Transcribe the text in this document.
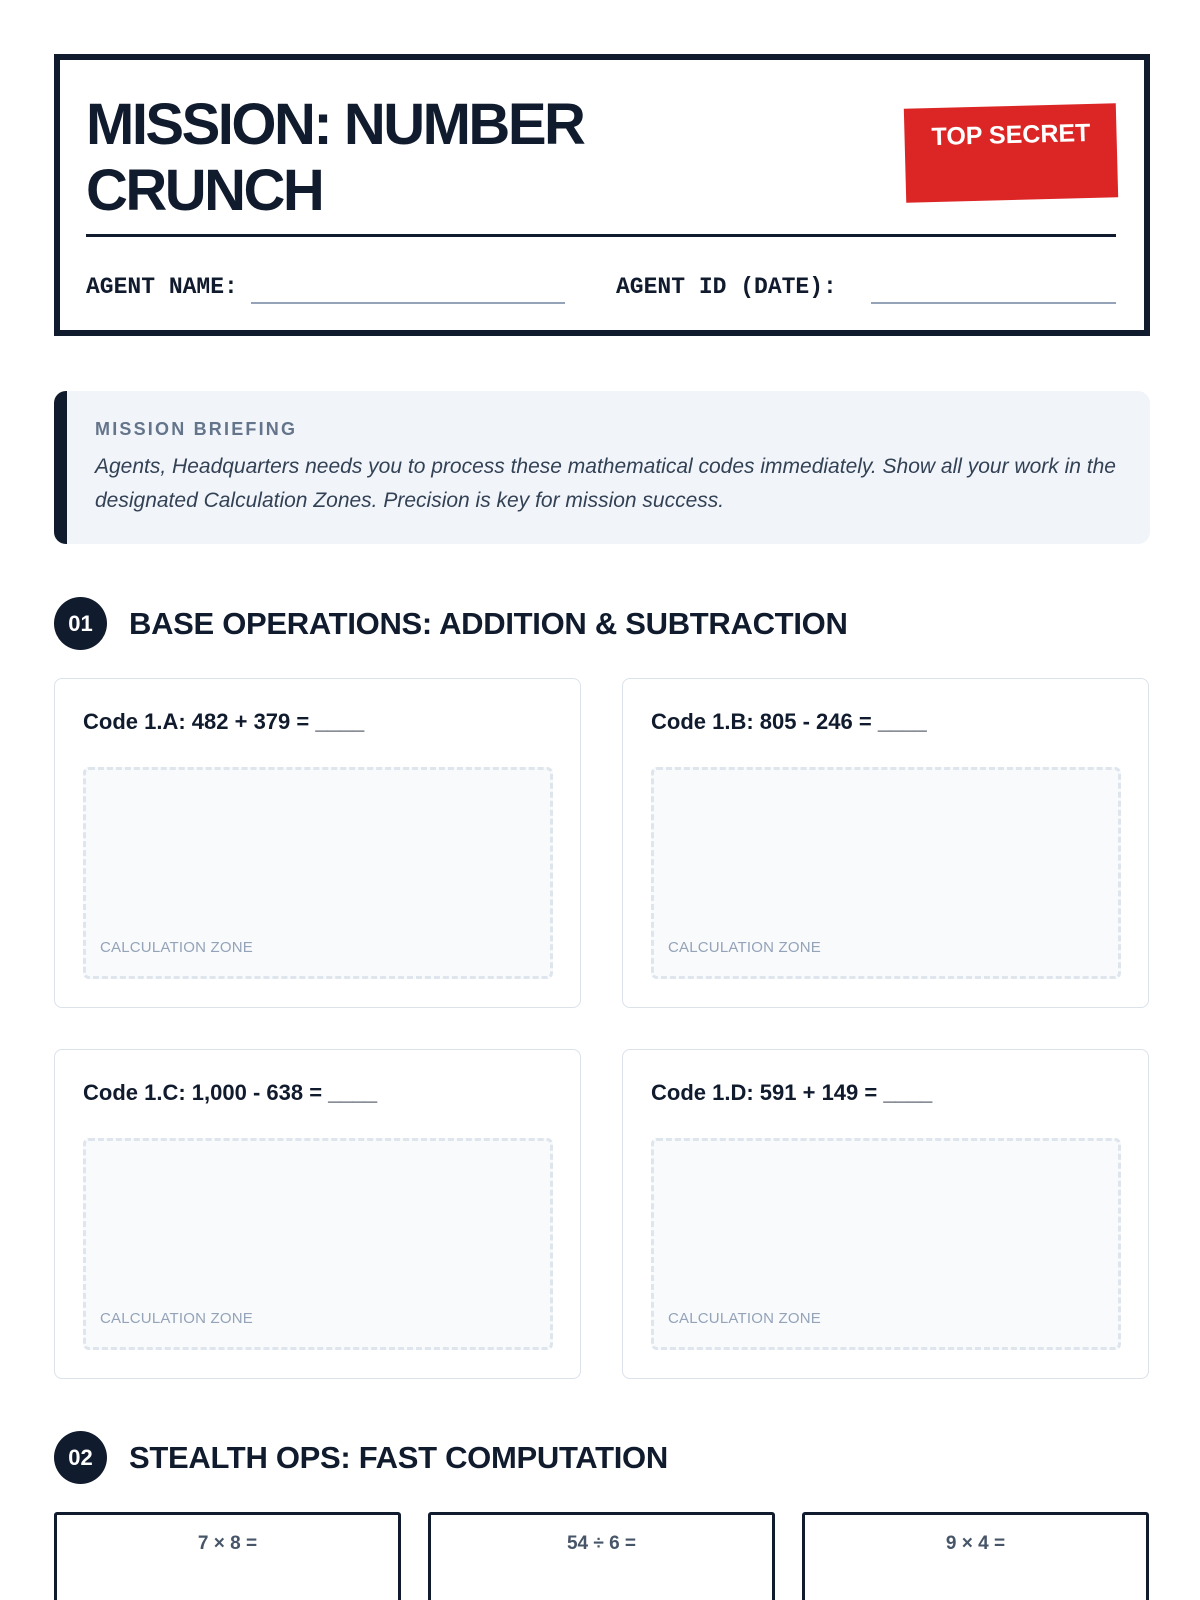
MISSION: NUMBER CRUNCH
TOP SECRET
AGENT NAME:	AGENT ID (DATE):
MISSION BRIEFING
Agents, Headquarters needs you to process these mathematical codes immediately. Show all your work in the designated Calculation Zones. Precision is key for mission success.
01	BASE OPERATIONS: ADDITION & SUBTRACTION
Code 1.A: 482 + 379 = ____
CALCULATION ZONE
Code 1.B: 805 - 246 = ____
CALCULATION ZONE
Code 1.C: 1,000 - 638 = ____
CALCULATION ZONE
Code 1.D: 591 + 149 = ____
CALCULATION ZONE
02	STEALTH OPS: FAST COMPUTATION
7 × 8 =	54 ÷ 6 =	9 × 4 =
